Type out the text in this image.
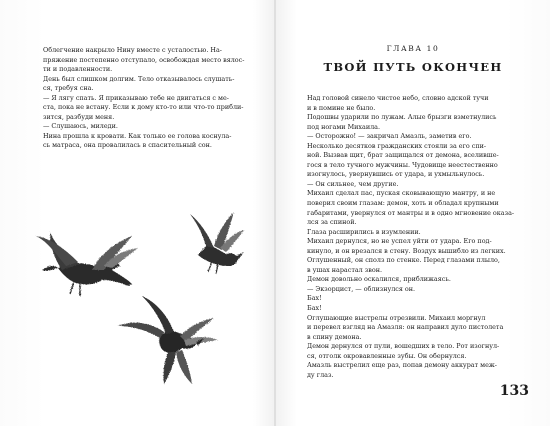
Облегчение накрыло Нину вместе с усталостью. На-
пряжение постепенно отступало, освобождая место вялос-
ти и подавленности.

День был слишком долгим. Тело отказывалось слушать-
ся, требуя сна.

— Я лягу спать. Я приказываю тебе не двигаться с ме-
ста, пока не встану. Если к дому кто-то или что-то прибли-
зится, разбуди меня.

— Слушаюсь, миледи.

Нина прошла к кровати. Как только ее голова коснула-
сь матраса, она провалилась в спасительный сон.

ГЛАВА 10
ТВОЙ ПУТЬ ОКОНЧЕН

Над головой синело чистое небо, словно адской тучи
и в помине не было.

Подошвы ударили по лужам. Алые брызги взметнулись
под ногами Михаила.

— Осторожно! — закричал Амазль, заметив его.

Несколько десятков гражданских стояли за его спи-
ной. Вызвав щит, брат защищался от демона, вселивше-
гося в тело тучного мужчины. Чудовище неестественно
изогнулось, увернувшись от удара, и ухмыльнулось.

— Он сильнее, чем другие.

Михаил сделал пас, пуская сковывающую мантру, и не
поверил своим глазам: демон, хоть и обладал крупными
габаритами, увернулся от мантры и в одно мгновение оказа-
лся за спиной.

Глаза расширились в изумлении.

Михаил дернулся, но не успел уйти от удара. Его под-
кинуло, и он врезался в стену. Воздух вышибло из легких.
Оглушенный, он сполз по стенке. Перед глазами плыло,
в ушах нарастал звон.

Демон довольно оскалился, приближаясь.

— Экзорцист, — облизнулся он.

Бах!

Бах!

Оглушающие выстрелы отрезвили. Михаил моргнул
и перевел взгляд на Амазля: он направил дуло пистолета
в спину демона.

Демон дернулся от пули, вошедших в тело. Рот изогнул-
ся, отголк окровавленные зубы. Он обернулся.

Амазль выстрелил еще раз, попав демону аккурат меж-
ду глаз.

133
